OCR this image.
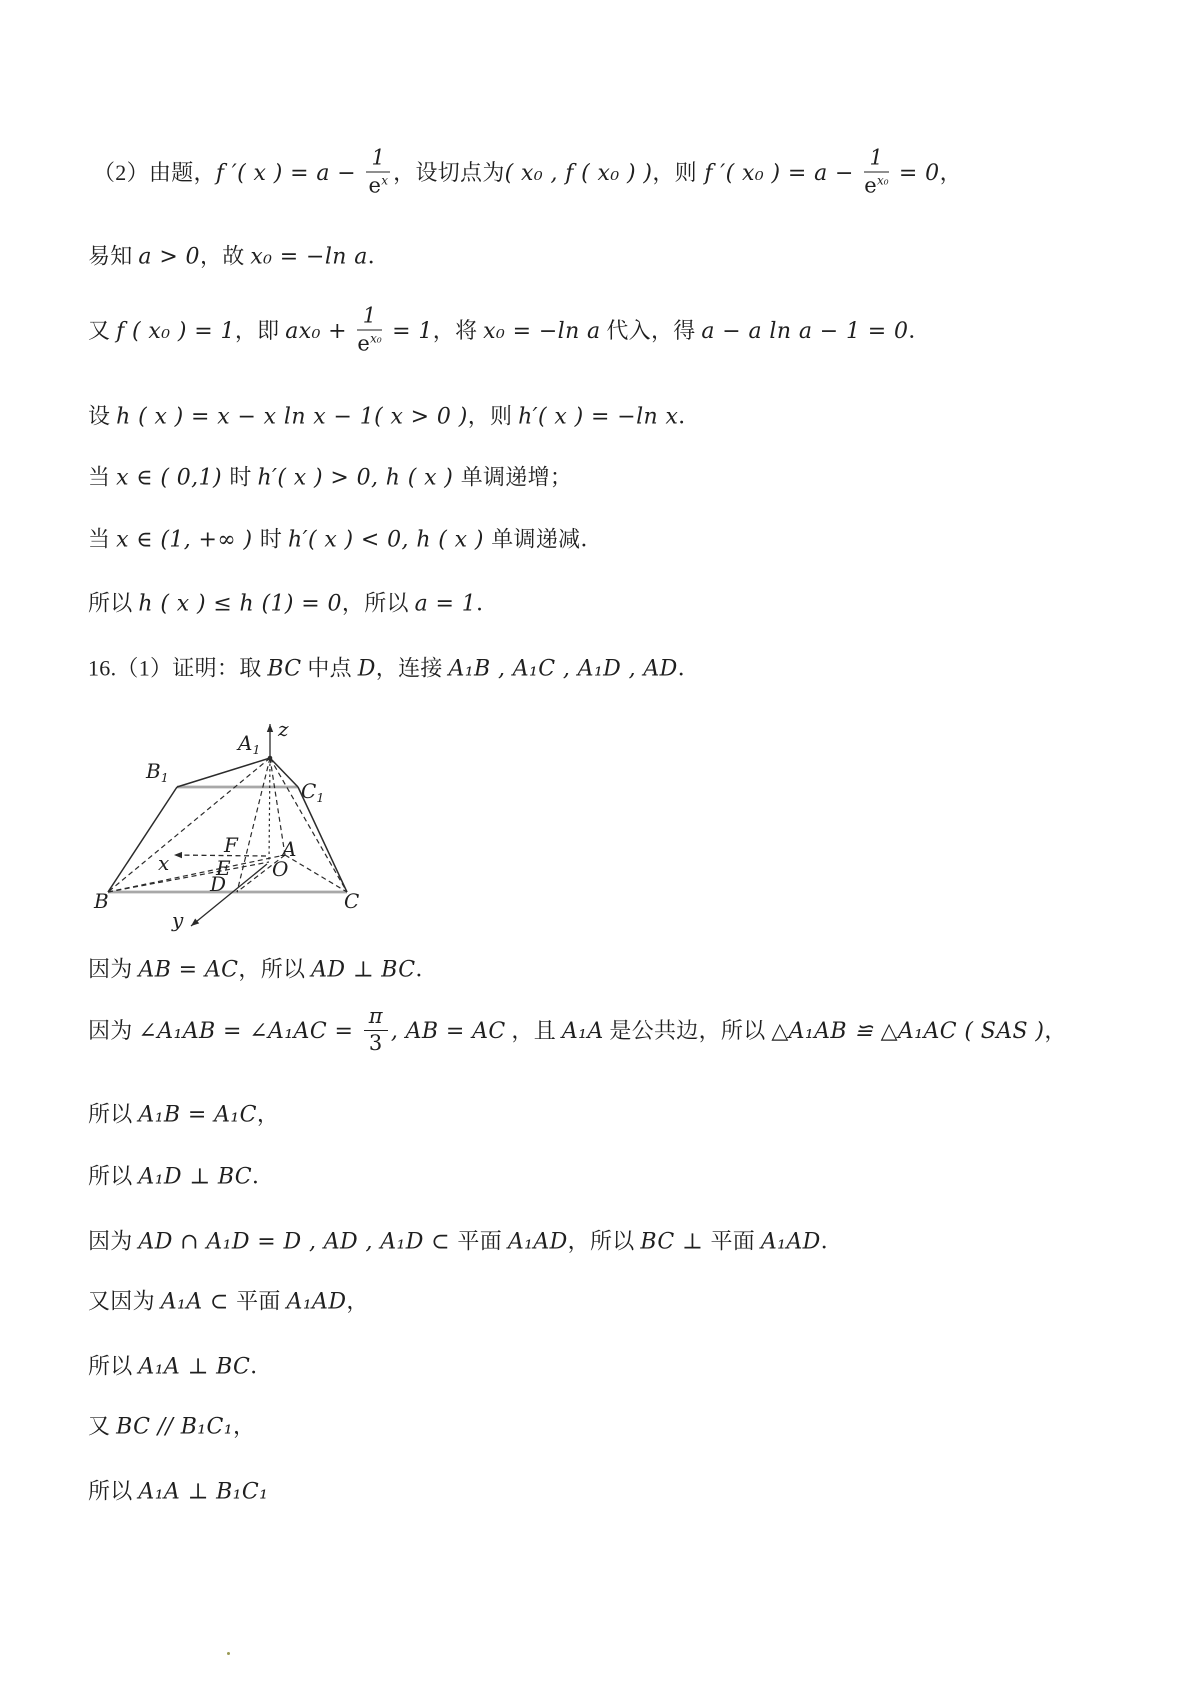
（2）由题，f ′( x ) = $a - \frac{1}{e^x}$ ，设切点为( x₀ , f ( x₀ ) )，则 f ′( x₀ ) = $a - \frac{1}{e^{x_0}} = 0$，
易知 a > 0，故 x₀ = −ln a．
又 f ( x₀ ) = 1，即 $ax_0 + \frac{1}{e^{x_0}} = 1$，将 x₀ = −ln a 代入，得 a − a ln a − 1 = 0．
设 h ( x ) = x − x ln x − 1( x > 0 )，则 h′( x ) = −ln x．
当 x ∈ ( 0,1) 时 h′( x ) > 0, h ( x ) 单调递增；
当 x ∈ (1, +∞ ) 时 h′( x ) < 0, h ( x ) 单调递减．
所以 h ( x ) ≤ h (1) = 0，所以 a = 1．
16.（1）证明：取 BC 中点 D，连接 A₁B , A₁C , A₁D , AD．
因为 AB = AC，所以 AD ⊥ BC．
因为 ∠A₁AB = ∠A₁AC = $\frac{\pi}{3}$ , AB = AC ，且 A₁A 是公共边，所以 △A₁AB ≌ △A₁AC ( SAS )，
所以 A₁B = A₁C，
所以 A₁D ⊥ BC．
因为 AD ∩ A₁D = D , AD , A₁D ⊂ 平面 A₁AD，所以 BC ⊥ 平面 A₁AD．
又因为 A₁A ⊂ 平面 A₁AD，
所以 A₁A ⊥ BC．
又 BC // B₁C₁，
所以 A₁A ⊥ B₁C₁
z
x
y
$A_1$
$B_1$
$C_1$
B	C
D
E
F
O
A
